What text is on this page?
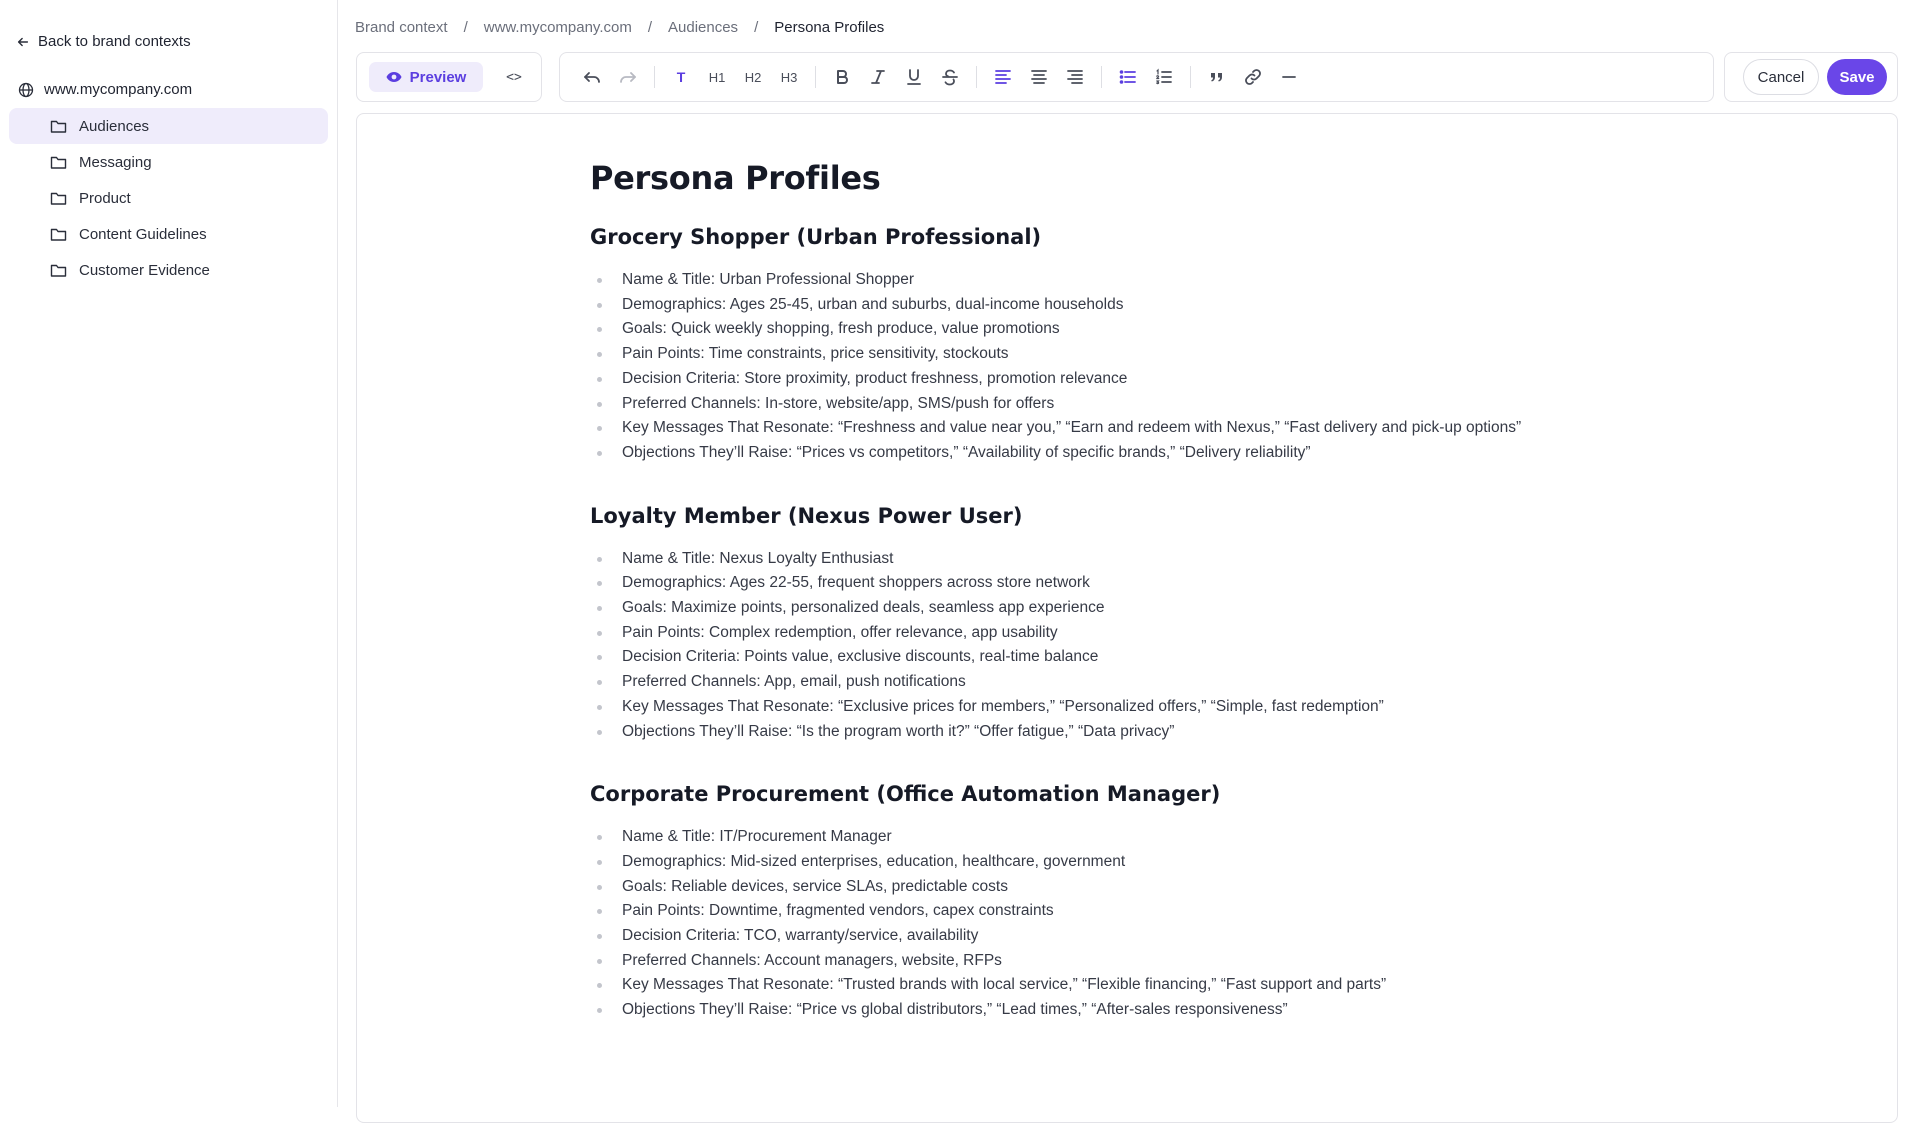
Back to brand contexts
www.mycompany.com
Audiences
Messaging
Product
Content Guidelines
Customer Evidence
Brand context / www.mycompany.com / Audiences / Persona Profiles
Preview	<>	T H1 H2 H3	Cancel	Save
Persona Profiles
Grocery Shopper (Urban Professional)
Name & Title: Urban Professional Shopper
Demographics: Ages 25-45, urban and suburbs, dual-income households
Goals: Quick weekly shopping, fresh produce, value promotions
Pain Points: Time constraints, price sensitivity, stockouts
Decision Criteria: Store proximity, product freshness, promotion relevance
Preferred Channels: In-store, website/app, SMS/push for offers
Key Messages That Resonate: “Freshness and value near you,” “Earn and redeem with Nexus,” “Fast delivery and pick-up options”
Objections They’ll Raise: “Prices vs competitors,” “Availability of specific brands,” “Delivery reliability”
Loyalty Member (Nexus Power User)
Name & Title: Nexus Loyalty Enthusiast
Demographics: Ages 22-55, frequent shoppers across store network
Goals: Maximize points, personalized deals, seamless app experience
Pain Points: Complex redemption, offer relevance, app usability
Decision Criteria: Points value, exclusive discounts, real-time balance
Preferred Channels: App, email, push notifications
Key Messages That Resonate: “Exclusive prices for members,” “Personalized offers,” “Simple, fast redemption”
Objections They’ll Raise: “Is the program worth it?” “Offer fatigue,” “Data privacy”
Corporate Procurement (Office Automation Manager)
Name & Title: IT/Procurement Manager
Demographics: Mid-sized enterprises, education, healthcare, government
Goals: Reliable devices, service SLAs, predictable costs
Pain Points: Downtime, fragmented vendors, capex constraints
Decision Criteria: TCO, warranty/service, availability
Preferred Channels: Account managers, website, RFPs
Key Messages That Resonate: “Trusted brands with local service,” “Flexible financing,” “Fast support and parts”
Objections They’ll Raise: “Price vs global distributors,” “Lead times,” “After-sales responsiveness”
